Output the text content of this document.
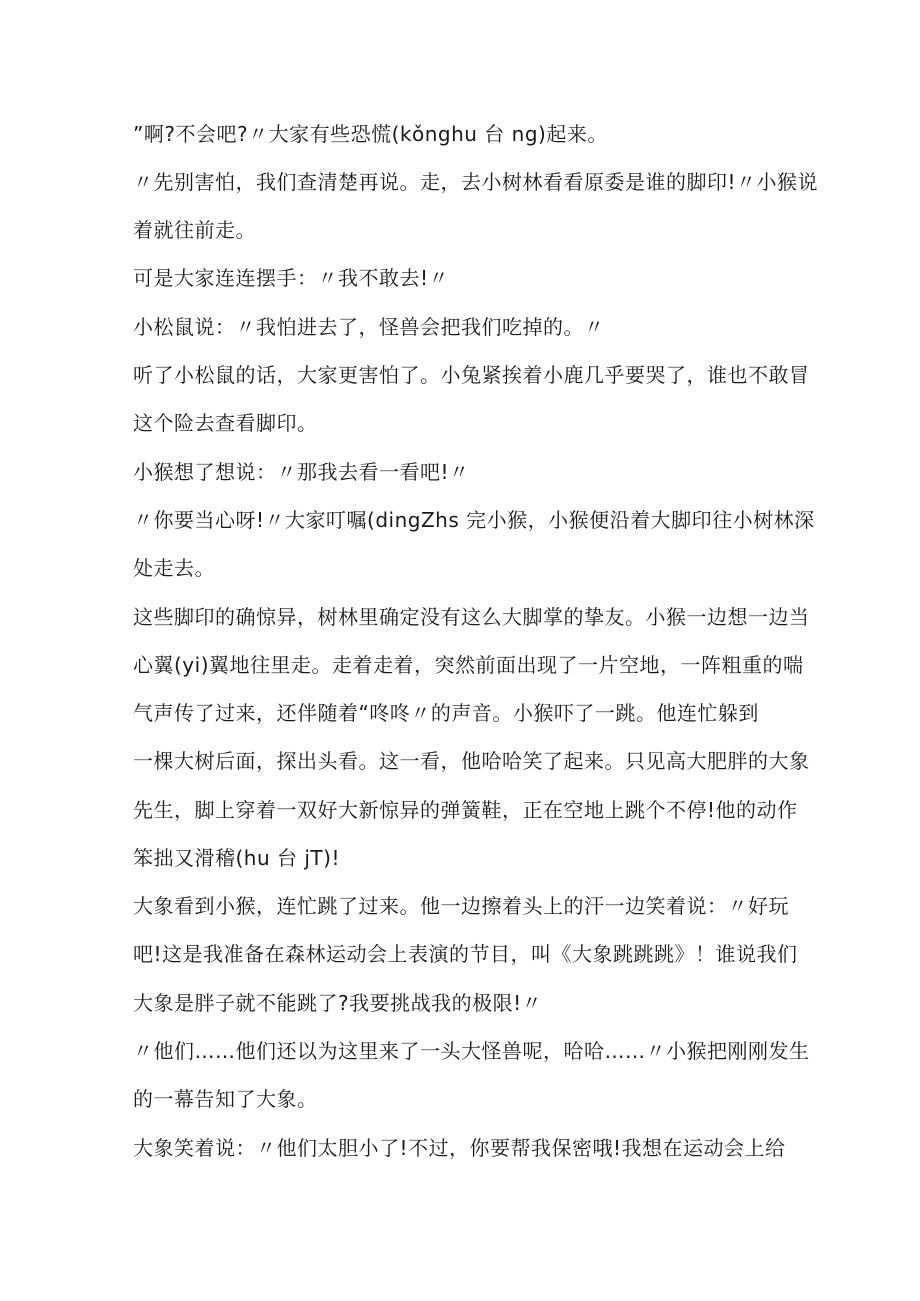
”啊?不会吧?〃大家有些恐慌(kǒnghu 台 ng)起来。
〃先别害怕，我们查清楚再说。走，去小树林看看原委是谁的脚印!〃小猴说
着就往前走。
可是大家连连摆手：〃我不敢去!〃
小松鼠说：〃我怕进去了，怪兽会把我们吃掉的。〃
听了小松鼠的话，大家更害怕了。小兔紧挨着小鹿几乎要哭了，谁也不敢冒
这个险去查看脚印。
小猴想了想说：〃那我去看一看吧!〃
〃你要当心呀!〃大家叮嘱(dingZhs 完小猴，小猴便沿着大脚印往小树林深
处走去。
这些脚印的确惊异，树林里确定没有这么大脚掌的挚友。小猴一边想一边当
心翼(yi)翼地往里走。走着走着，突然前面出现了一片空地，一阵粗重的喘
气声传了过来，还伴随着“咚咚〃的声音。小猴吓了一跳。他连忙躲到
一棵大树后面，探出头看。这一看，他哈哈笑了起来。只见高大肥胖的大象
先生，脚上穿着一双好大新惊异的弹簧鞋，正在空地上跳个不停!他的动作
笨拙又滑稽(hu 台 jT)!
大象看到小猴，连忙跳了过来。他一边擦着头上的汗一边笑着说：〃好玩
吧!这是我准备在森林运动会上表演的节目，叫《大象跳跳跳》！谁说我们
大象是胖子就不能跳了?我要挑战我的极限!〃
〃他们……他们还以为这里来了一头大怪兽呢，哈哈……〃小猴把刚刚发生
的一幕告知了大象。
大象笑着说：〃他们太胆小了!不过，你要帮我保密哦!我想在运动会上给
